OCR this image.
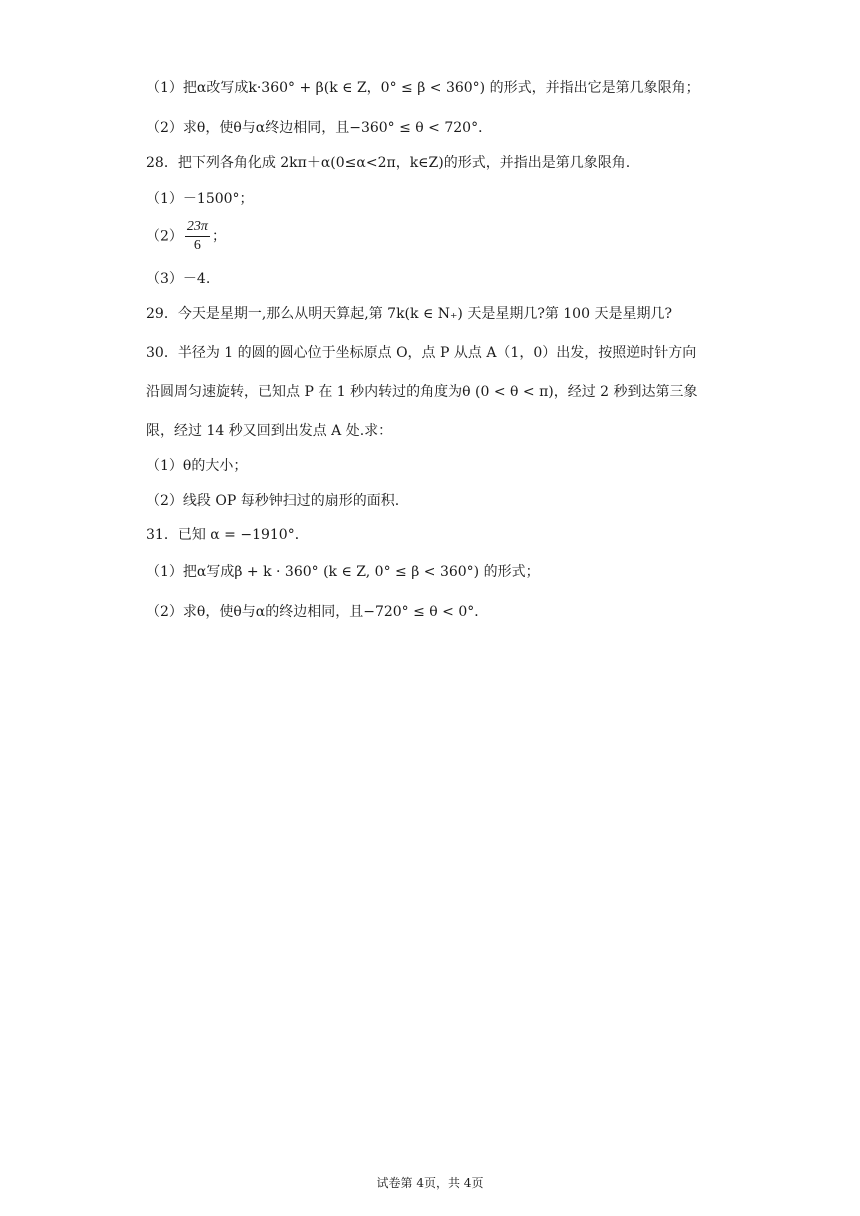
（1）把α改写成k·360° + β(k ∈ Z，0° ≤ β < 360°) 的形式，并指出它是第几象限角；
（2）求θ，使θ与α终边相同，且−360° ≤ θ < 720°．
28．把下列各角化成 2kπ＋α(0≤α<2π，k∈Z)的形式，并指出是第几象限角.
（1）－1500°；
$(2) \frac{23\pi}{6}$ ；
（3）－4.
29．今天是星期一,那么从明天算起,第 7k(k ∈ N₊) 天是星期几?第 100 天是星期几?
30．半径为 1 的圆的圆心位于坐标原点 O，点 P 从点 A（1，0）出发，按照逆时针方向
沿圆周匀速旋转，已知点 P 在 1 秒内转过的角度为θ (0 < θ < π)，经过 2 秒到达第三象
限，经过 14 秒又回到出发点 A 处.求：
（1）θ的大小；
（2）线段 OP 每秒钟扫过的扇形的面积.
31．已知 α = −1910°．
（1）把α写成β + k · 360° (k ∈ Z, 0° ≤ β < 360°) 的形式；
（2）求θ，使θ与α的终边相同，且−720° ≤ θ < 0°．
试卷第 4页，共 4页
